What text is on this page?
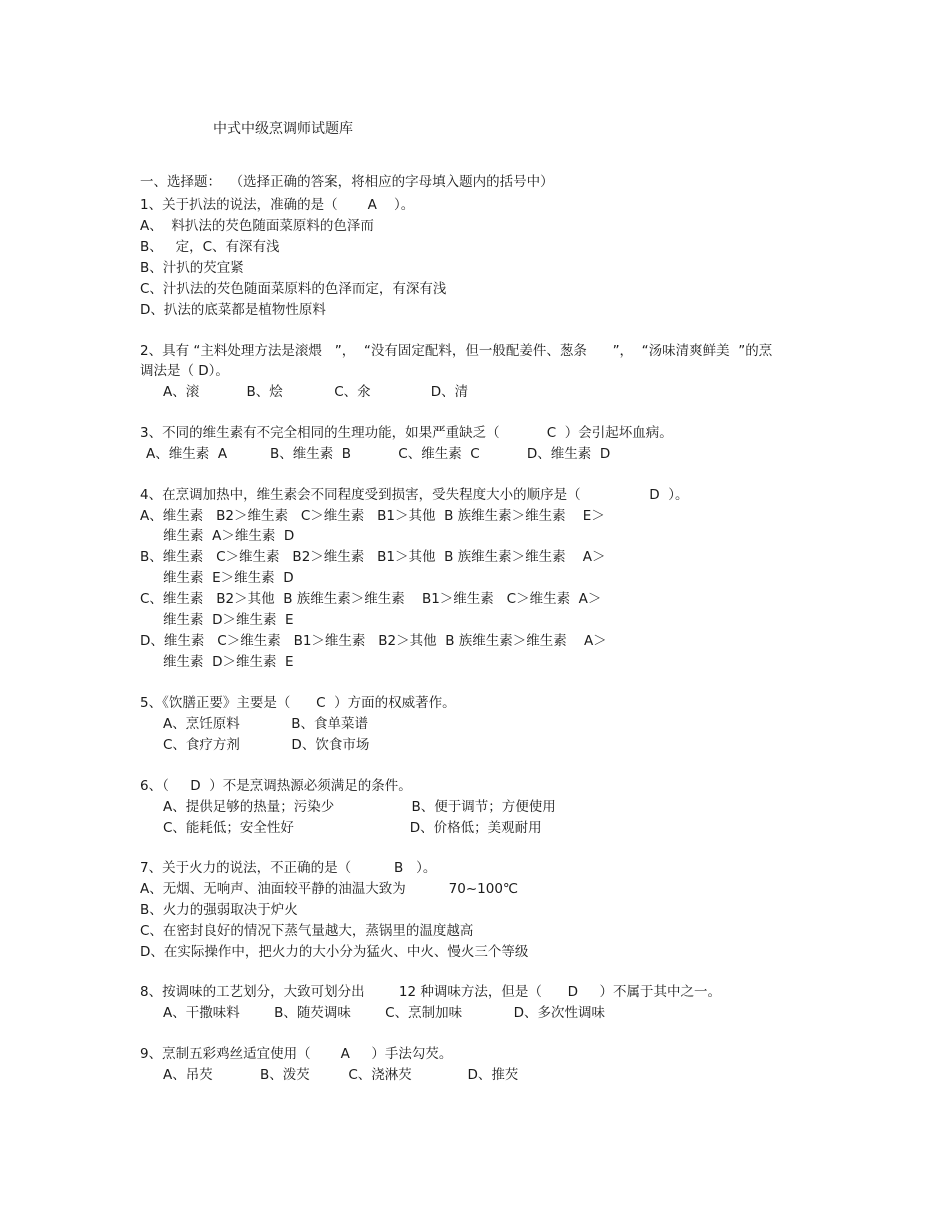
中式中级烹调师试题库
一、选择题：  （选择正确的答案，将相应的字母填入题内的括号中）
1、关于扒法的说法，准确的是（       A    ）。
A、  料扒法的芡色随面菜原料的色泽而
B、   定，C、有深有浅
B、汁扒的芡宜紧
C、汁扒法的芡色随面菜原料的色泽而定，有深有浅
D、扒法的底菜都是植物性原料
2、具有 “主料处理方法是滚煨   ”，  “没有固定配料，但一般配姜件、葱条      ”，  “汤味清爽鲜美  ”的烹
调法是（ D）。
A、滚           B、烩            C、氽              D、清
3、不同的维生素有不完全相同的生理功能，如果严重缺乏（           C  ）会引起坏血病。
A、维生素  A          B、维生素  B           C、维生素  C           D、维生素  D
4、在烹调加热中，维生素会不同程度受到损害，受失程度大小的顺序是（                D  ）。
A、维生素   B2＞维生素   C＞维生素   B1＞其他  B 族维生素＞维生素    E＞
维生素  A＞维生素  D
B、维生素   C＞维生素   B2＞维生素   B1＞其他  B 族维生素＞维生素    A＞
维生素  E＞维生素  D
C、维生素   B2＞其他  B 族维生素＞维生素    B1＞维生素   C＞维生素  A＞
维生素  D＞维生素  E
D、维生素   C＞维生素   B1＞维生素   B2＞其他  B 族维生素＞维生素    A＞
维生素  D＞维生素  E
5、《饮膳正要》主要是（      C  ）方面的权威著作。
A、烹饪原料            B、食单菜谱
C、食疗方剂            D、饮食市场
6、（     D  ）不是烹调热源必须满足的条件。
A、提供足够的热量；污染少                  B、便于调节；方便使用
C、能耗低；安全性好                           D、价格低；美观耐用
7、关于火力的说法，不正确的是（          B   ）。
A、无烟、无响声、油面较平静的油温大致为          70~100℃
B、火力的强弱取决于炉火
C、在密封良好的情况下蒸气量越大，蒸锅里的温度越高
D、在实际操作中，把火力的大小分为猛火、中火、慢火三个等级
8、按调味的工艺划分，大致可划分出        12 种调味方法，但是（      D     ）不属于其中之一。
A、干撒味料        B、随芡调味        C、烹制加味            D、多次性调味
9、烹制五彩鸡丝适宜使用（       A     ）手法勾芡。
A、吊芡           B、泼芡         C、浇淋芡             D、推芡
